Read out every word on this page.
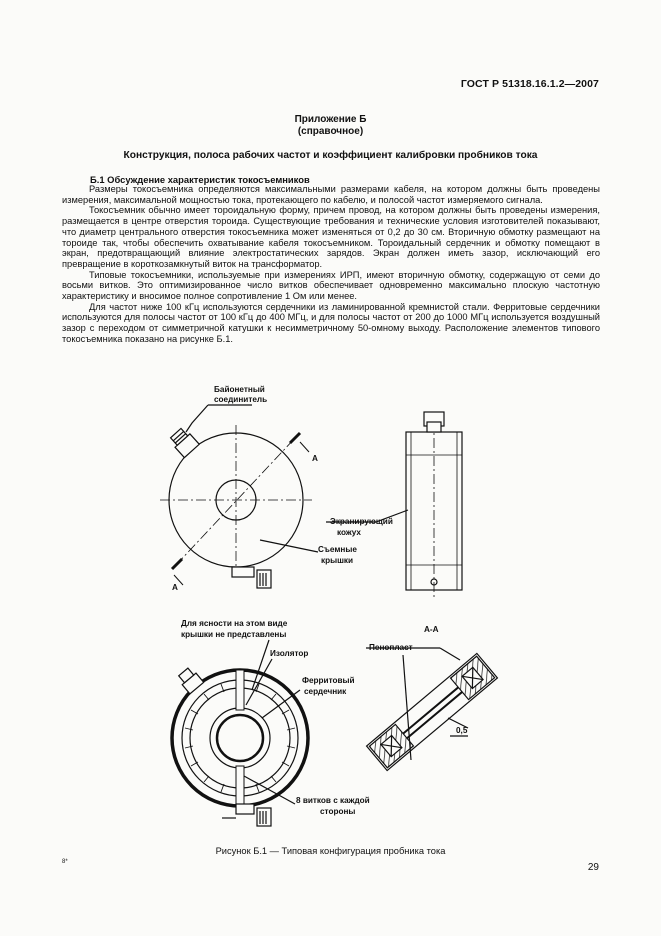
ГОСТ Р 51318.16.1.2—2007
Приложение Б
(справочное)
Конструкция, полоса рабочих частот и коэффициент калибровки пробников тока
Б.1 Обсуждение характеристик токосъемников

Размеры токосъемника определяются максимальными размерами кабеля, на котором должны быть проведены измерения, максимальной мощностью тока, протекающего по кабелю, и полосой частот измеряемого сигнала.

Токосъемник обычно имеет тороидальную форму, причем провод, на котором должны быть проведены измерения, размещается в центре отверстия тороида. Существующие требования и технические условия изготовителей показывают, что диаметр центрального отверстия токосъемника может изменяться от 0,2 до 30 см. Вторичную обмотку размещают на тороиде так, чтобы обеспечить охватывание кабеля токосъемником. Тороидальный сердечник и обмотку помещают в экран, предотвращающий влияние электростатических зарядов. Экран должен иметь зазор, исключающий его превращение в короткозамкнутый виток на трансформатор.

Типовые токосъемники, используемые при измерениях ИРП, имеют вторичную обмотку, содержащую от семи до восьми витков. Это оптимизированное число витков обеспечивает одновременно максимально плоскую частотную характеристику и вносимое полное сопротивление 1 Ом или менее.

Для частот ниже 100 кГц используются сердечники из ламинированной кремнистой стали. Ферритовые сердечники используются для полосы частот от 100 кГц до 400 МГц, и для полосы частот от 200 до 1000 МГц используется воздушный зазор с переходом от симметричной катушки к несимметричному 50-омному выходу. Расположение элементов типового токосъемника показано на рисунке Б.1.

Байонетный
соединитель
А
А
Съемные
крышки
Экранирующий
кожух
Для ясности на этом виде
крышки не представлены
Изолятор
Ферритовый
сердечник
8 витков с каждой
стороны
А-А
Пенопласт
0,5
Рисунок Б.1 — Типовая конфигурация пробника тока
8*	29
